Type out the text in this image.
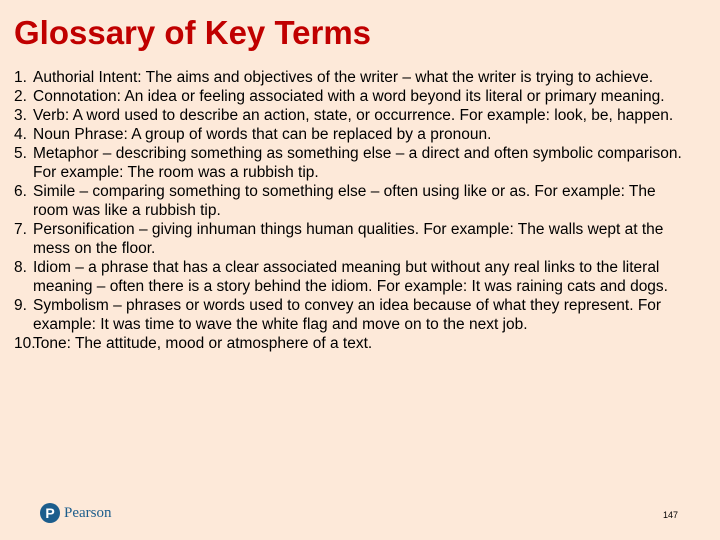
Glossary of Key Terms
1. Authorial Intent: The aims and objectives of the writer – what the writer is trying to achieve.
2. Connotation: An idea or feeling associated with a word beyond its literal or primary meaning.
3. Verb: A word used to describe an action, state, or occurrence. For example: look, be, happen.
4. Noun Phrase: A group of words that can be replaced by a pronoun.
5. Metaphor – describing something as something else – a direct and often symbolic comparison. For example: The room was a rubbish tip.
6. Simile – comparing something to something else – often using like or as. For example: The room was like a rubbish tip.
7. Personification – giving inhuman things human qualities. For example: The walls wept at the mess on the floor.
8. Idiom – a phrase that has a clear associated meaning but without any real links to the literal meaning – often there is a story behind the idiom. For example: It was raining cats and dogs.
9. Symbolism – phrases or words used to convey an idea because of what they represent. For example: It was time to wave the white flag and move on to the next job.
10.
Tone: The attitude, mood or atmosphere of a text.
P Pearson	147
